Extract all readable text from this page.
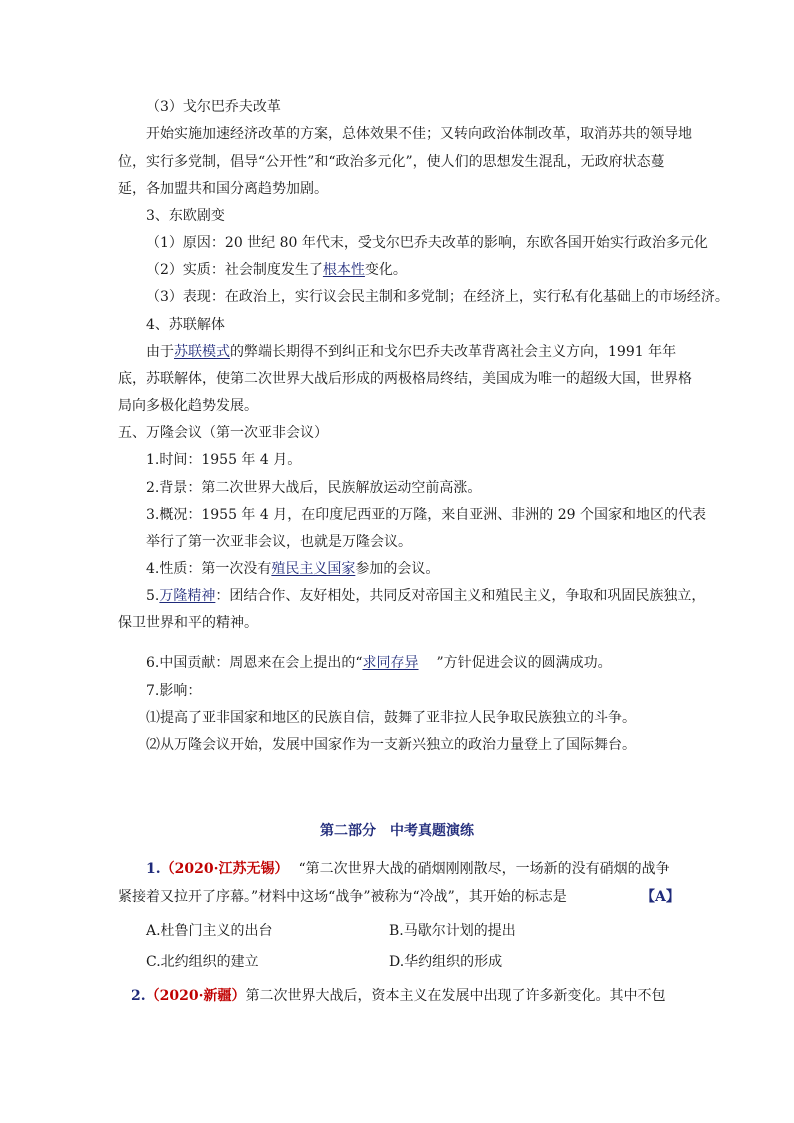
（3）戈尔巴乔夫改革
开始实施加速经济改革的方案，总体效果不佳；又转向政治体制改革，取消苏共的领导地
位，实行多党制，倡导“公开性”和“政治多元化”，使人们的思想发生混乱，无政府状态蔓
延，各加盟共和国分离趋势加剧。
3、东欧剧变
（1）原因：20 世纪 80 年代末，受戈尔巴乔夫改革的影响，东欧各国开始实行政治多元化
（2）实质：社会制度发生了根本性变化。
（3）表现：在政治上，实行议会民主制和多党制；在经济上，实行私有化基础上的市场经济。
4、苏联解体
由于苏联模式的弊端长期得不到纠正和戈尔巴乔夫改革背离社会主义方向，1991 年年
底，苏联解体，使第二次世界大战后形成的两极格局终结，美国成为唯一的超级大国，世界格
局向多极化趋势发展。
五、万隆会议（第一次亚非会议）
1.时间：1955 年 4 月。
2.背景：第二次世界大战后，民族解放运动空前高涨。
3.概况：1955 年 4 月，在印度尼西亚的万隆，来自亚洲、非洲的 29 个国家和地区的代表
举行了第一次亚非会议，也就是万隆会议。
4.性质：第一次没有殖民主义国家参加的会议。
5.万隆精神：团结合作、友好相处，共同反对帝国主义和殖民主义，争取和巩固民族独立，
保卫世界和平的精神。
6.中国贡献：周恩来在会上提出的“求同存异 ”方针促进会议的圆满成功。
7.影响：
⑴提高了亚非国家和地区的民族自信，鼓舞了亚非拉人民争取民族独立的斗争。
⑵从万隆会议开始，发展中国家作为一支新兴独立的政治力量登上了国际舞台。
第二部分　中考真题演练
1.（2020·江苏无锡） “第二次世界大战的硝烟刚刚散尽，一场新的没有硝烟的战争
紧接着又拉开了序幕。”材料中这场“战争”被称为“冷战”，其开始的标志是	【A】
A.杜鲁门主义的出台	B.马歇尔计划的提出
C.北约组织的建立	D.华约组织的形成
2.（2020·新疆）第二次世界大战后，资本主义在发展中出现了许多新变化。其中不包
